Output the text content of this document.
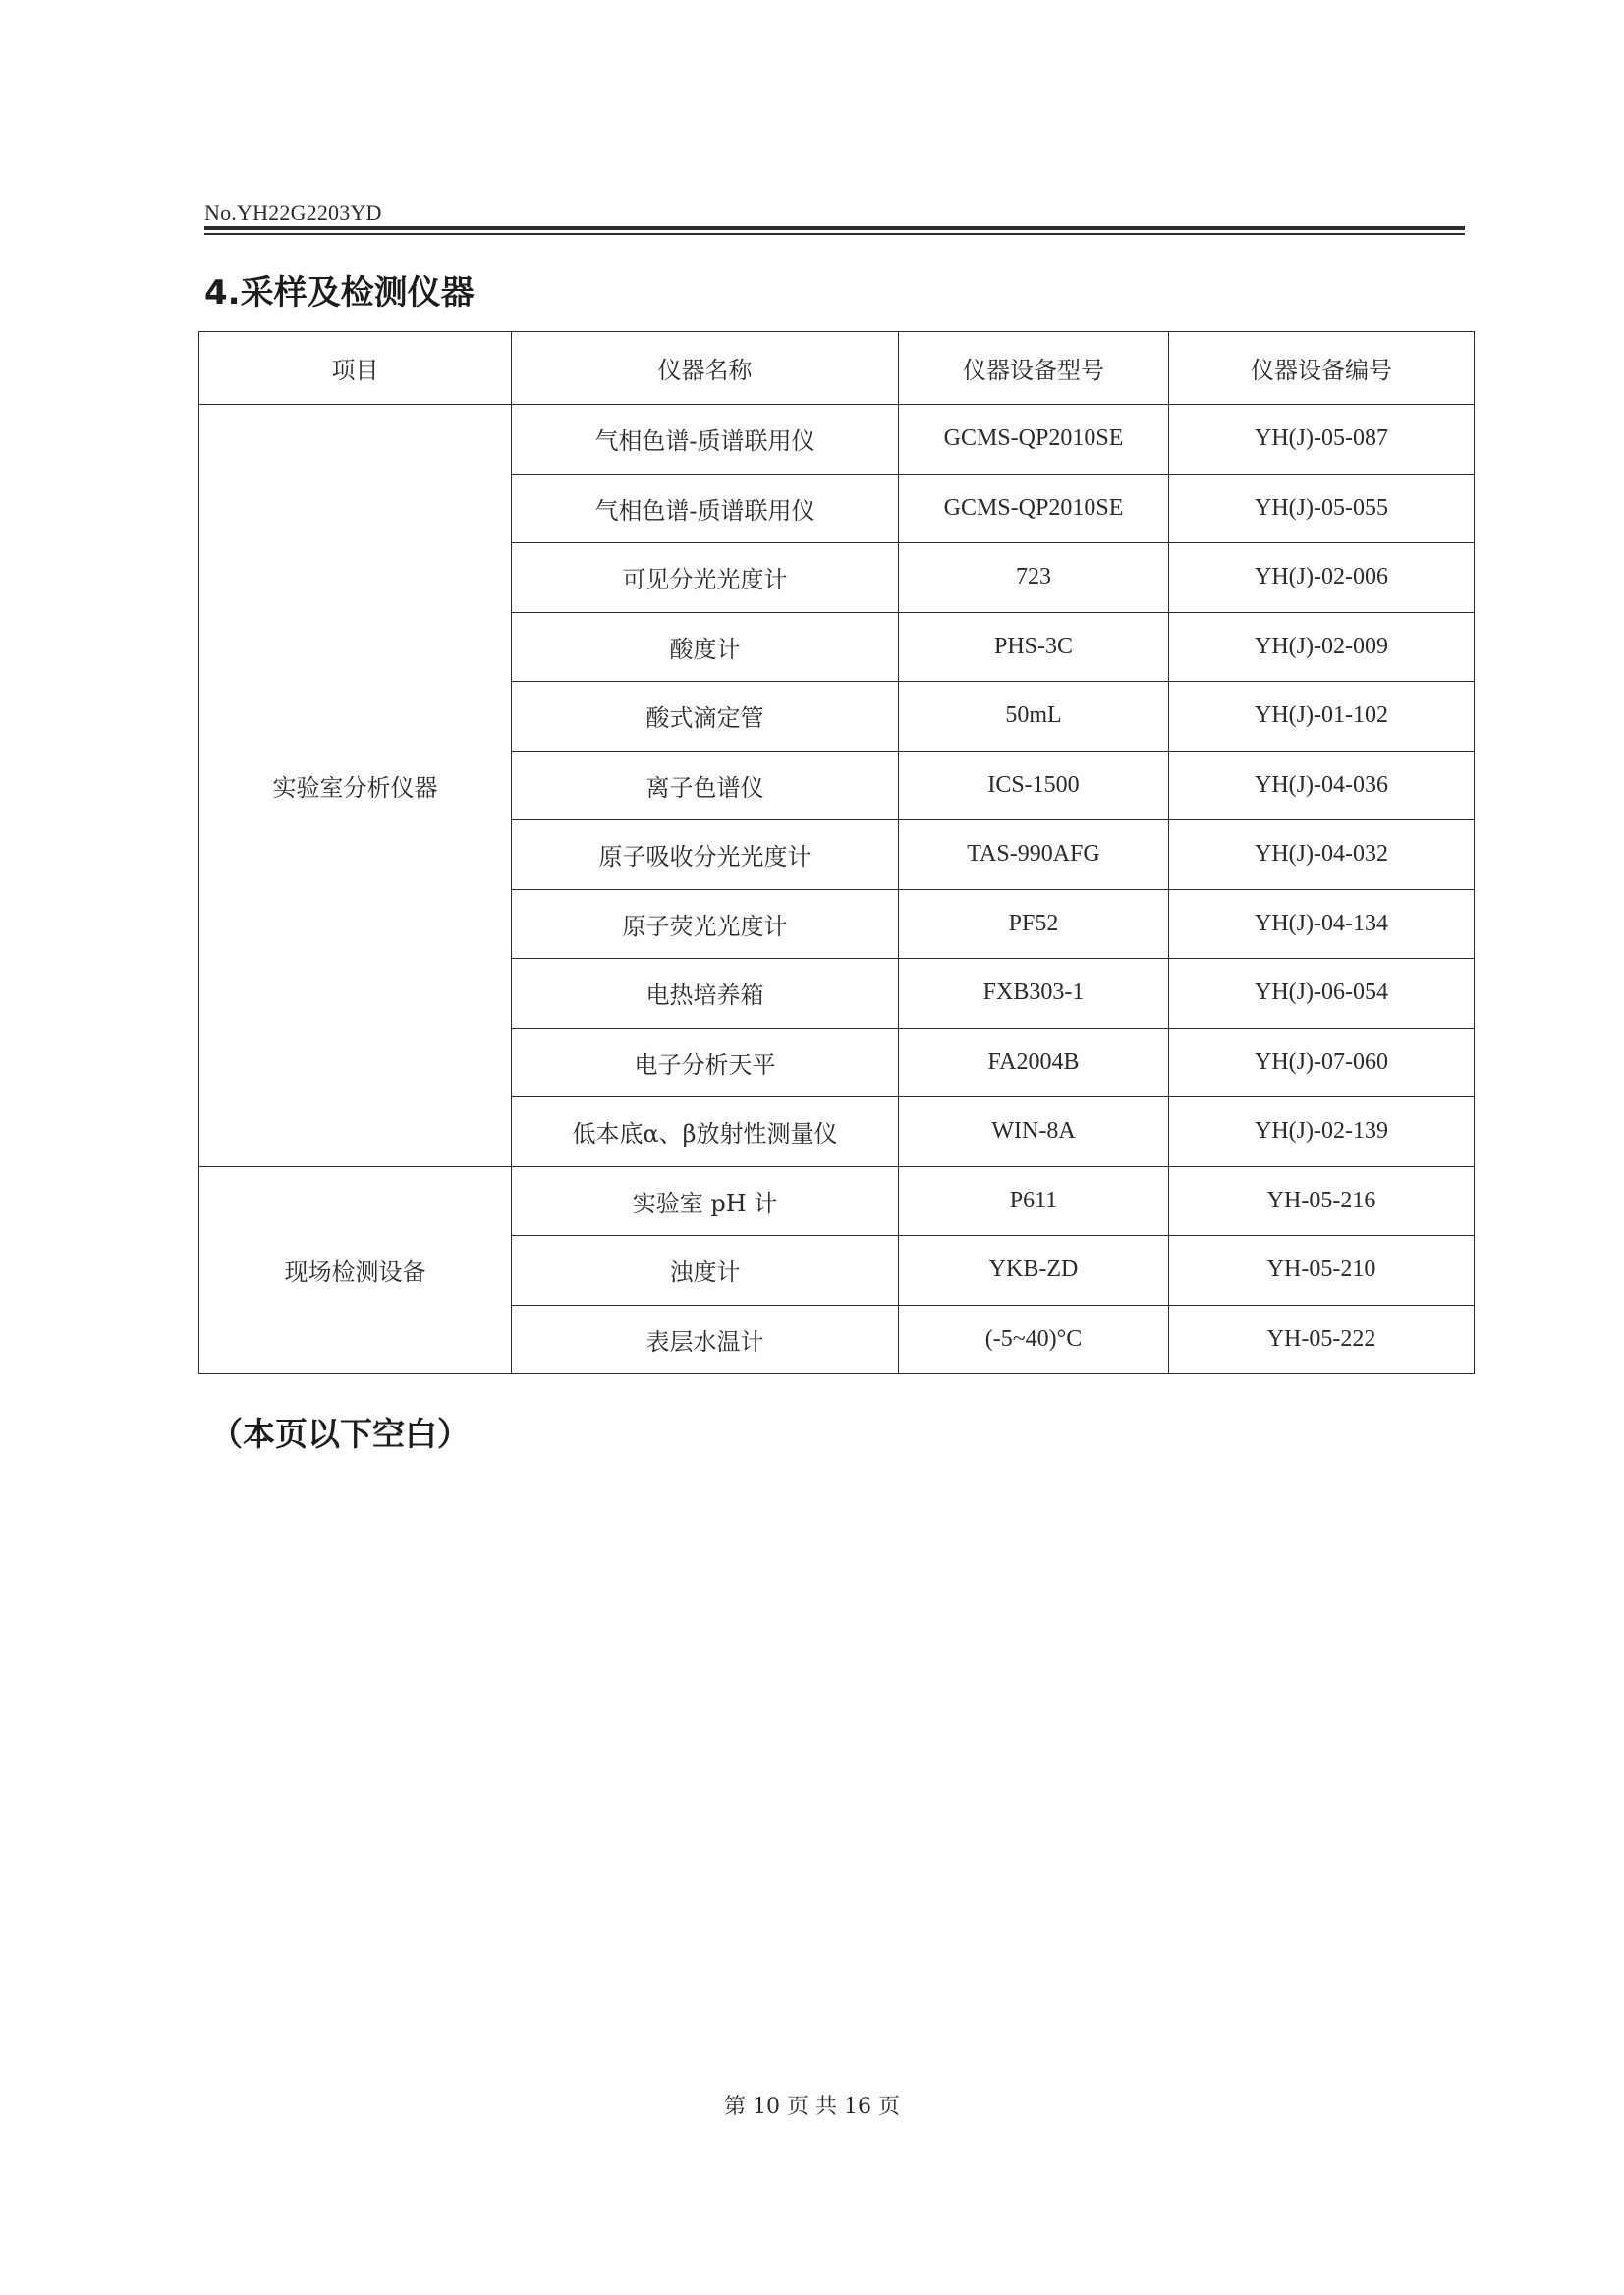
No.YH22G2203YD
4.采样及检测仪器
项目	仪器名称	仪器设备型号	仪器设备编号
实验室分析仪器	气相色谱-质谱联用仪	GCMS-QP2010SE	YH(J)-05-087
	气相色谱-质谱联用仪	GCMS-QP2010SE	YH(J)-05-055
	可见分光光度计	723	YH(J)-02-006
	酸度计	PHS-3C	YH(J)-02-009
	酸式滴定管	50mL	YH(J)-01-102
	离子色谱仪	ICS-1500	YH(J)-04-036
	原子吸收分光光度计	TAS-990AFG	YH(J)-04-032
	原子荧光光度计	PF52	YH(J)-04-134
	电热培养箱	FXB303-1	YH(J)-06-054
	电子分析天平	FA2004B	YH(J)-07-060
	低本底α、β放射性测量仪	WIN-8A	YH(J)-02-139
现场检测设备	实验室 pH 计	P611	YH-05-216
	浊度计	YKB-ZD	YH-05-210
	表层水温计	(-5~40)°C	YH-05-222
（本页以下空白）
第 10 页 共 16 页
